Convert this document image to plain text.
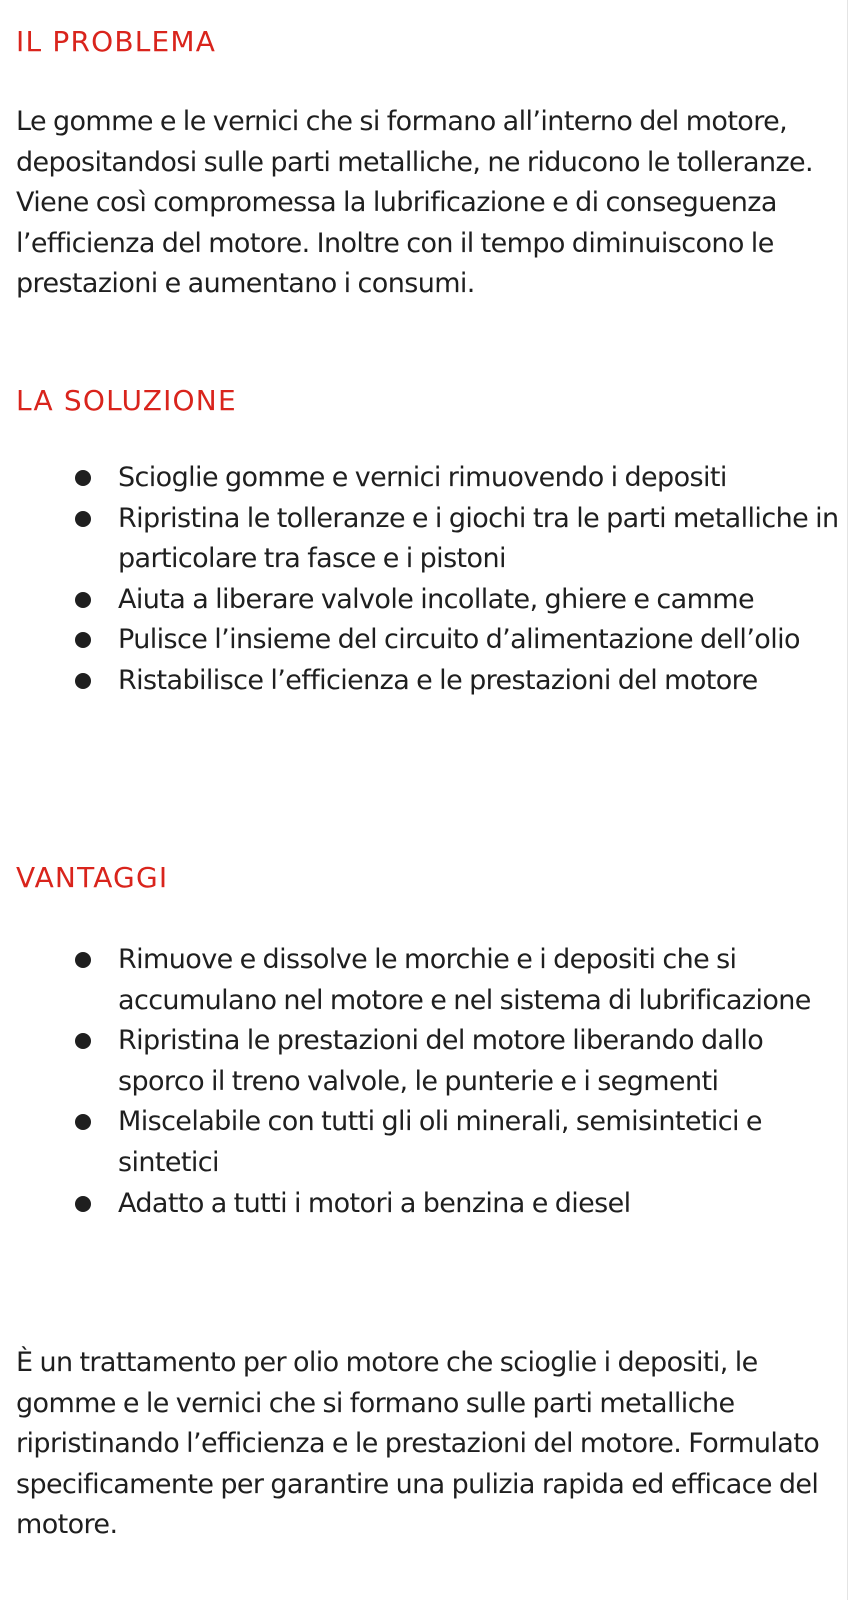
IL PROBLEMA

Le gomme e le vernici che si formano all’interno del motore, depositandosi sulle parti metalliche, ne riducono le tolleranze. Viene così compromessa la lubrificazione e di conseguenza l’efficienza del motore. Inoltre con il tempo diminuiscono le prestazioni e aumentano i consumi.

LA SOLUZIONE
Scioglie gomme e vernici rimuovendo i depositi
Ripristina le tolleranze e i giochi tra le parti metalliche in particolare tra fasce e i pistoni
Aiuta a liberare valvole incollate, ghiere e camme
Pulisce l’insieme del circuito d’alimentazione dell’olio
Ristabilisce l’efficienza e le prestazioni del motore
VANTAGGI
Rimuove e dissolve le morchie e i depositi che si accumulano nel motore e nel sistema di lubrificazione
Ripristina le prestazioni del motore liberando dallo sporco il treno valvole, le punterie e i segmenti
Miscelabile con tutti gli oli minerali, semisintetici e sintetici
Adatto a tutti i motori a benzina e diesel

È un trattamento per olio motore che scioglie i depositi, le gomme e le vernici che si formano sulle parti metalliche ripristinando l’efficienza e le prestazioni del motore. Formulato specificamente per garantire una pulizia rapida ed efficace del motore.
